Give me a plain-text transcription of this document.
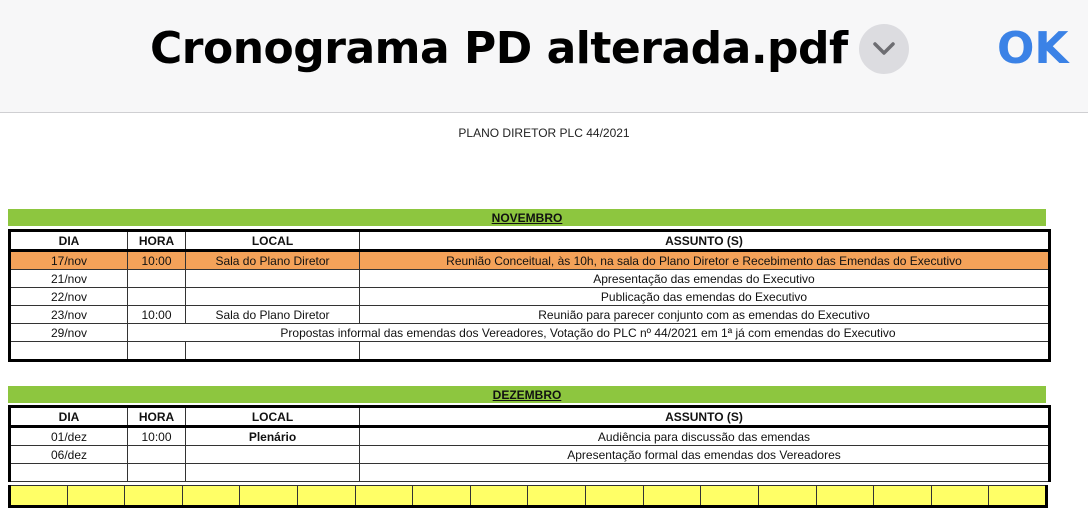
Cronograma PD alterada.pdf	OK
PLANO DIRETOR PLC 44/2021
NOVEMBRO
DIA	HORA	LOCAL	ASSUNTO (S)
17/nov	10:00	Sala do Plano Diretor	Reunião Conceitual, às 10h, na sala do Plano Diretor e Recebimento das Emendas do Executivo
21/nov			Apresentação das emendas do Executivo
22/nov			Publicação das emendas do Executivo
23/nov	10:00	Sala do Plano Diretor	Reunião para parecer conjunto com as emendas do Executivo
29/nov	Propostas informal das emendas dos Vereadores, Votação do PLC nº 44/2021 em 1ª já com emendas do Executivo		

DEZEMBRO
DIA	HORA	LOCAL	ASSUNTO (S)
01/dez	10:00	Plenário	Audiência para discussão das emendas
06/dez			Apresentação formal das emendas dos Vereadores
